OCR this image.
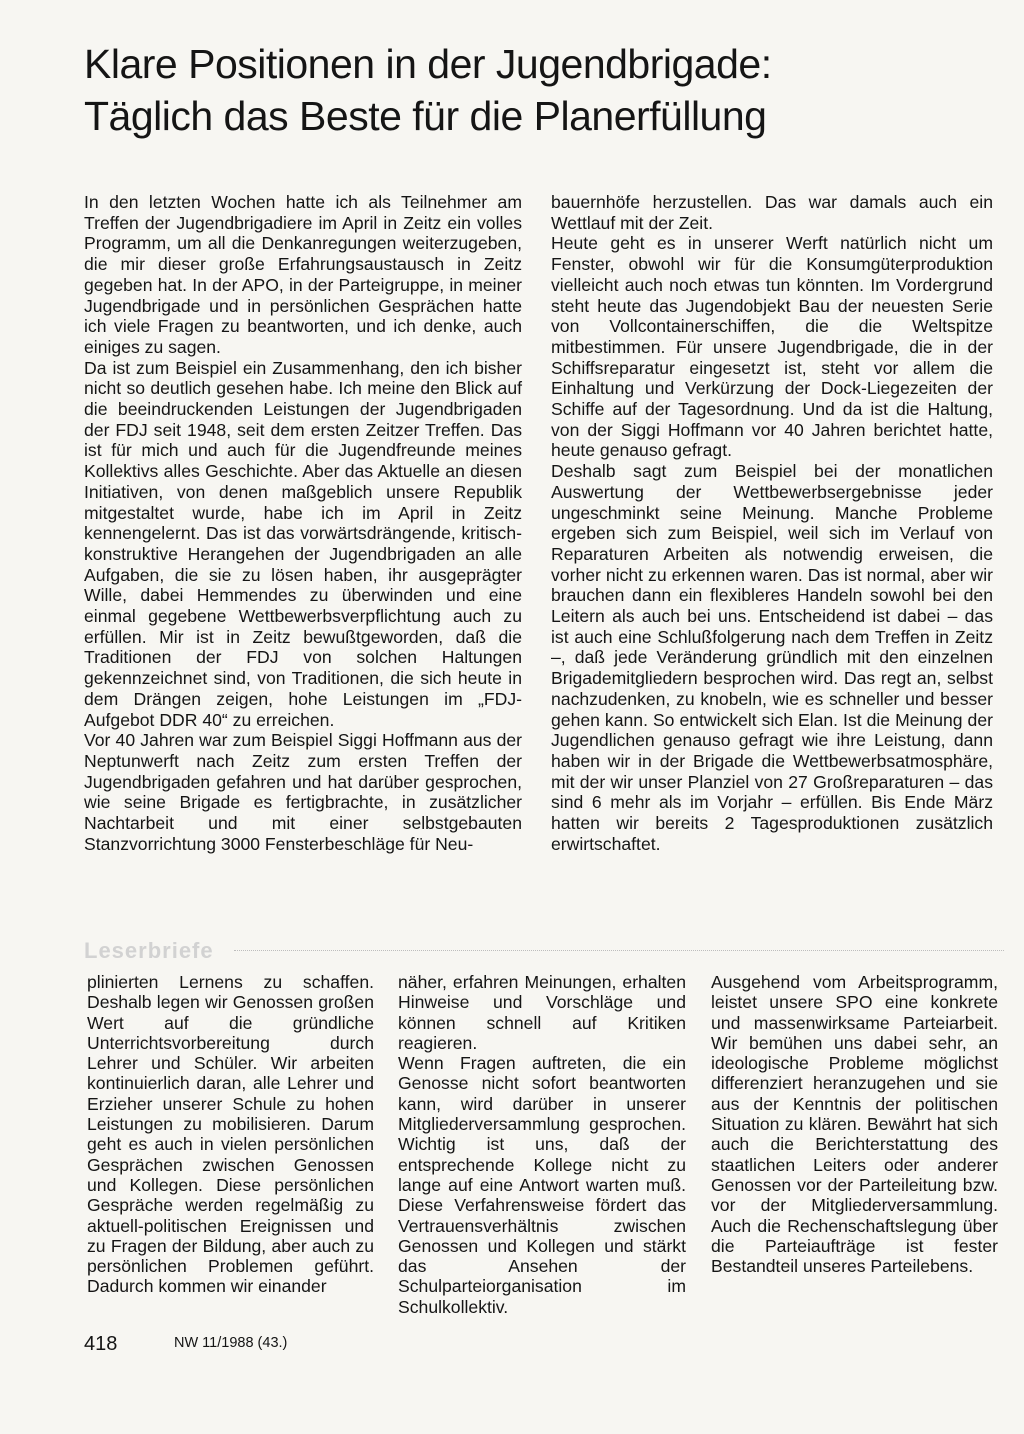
Klare Positionen in der Jugendbrigade:
Täglich das Beste für die Planerfüllung

In den letzten Wochen hatte ich als Teilnehmer am Treffen der Jugendbrigadiere im April in Zeitz ein volles Programm, um all die Denkanregungen weiterzugeben, die mir dieser große Erfahrungsaustausch in Zeitz gegeben hat. In der APO, in der Parteigruppe, in meiner Jugendbrigade und in persönlichen Gesprächen hatte ich viele Fragen zu beantworten, und ich denke, auch einiges zu sagen.

Da ist zum Beispiel ein Zusammenhang, den ich bisher nicht so deutlich gesehen habe. Ich meine den Blick auf die beeindruckenden Leistungen der Jugendbrigaden der FDJ seit 1948, seit dem ersten Zeitzer Treffen. Das ist für mich und auch für die Jugendfreunde meines Kollektivs alles Geschichte. Aber das Aktuelle an diesen Initiativen, von denen maßgeblich unsere Republik mitgestaltet wurde, habe ich im April in Zeitz kennengelernt. Das ist das vorwärtsdrängende, kritisch-konstruktive Herangehen der Jugendbrigaden an alle Aufgaben, die sie zu lösen haben, ihr ausgeprägter Wille, dabei Hemmendes zu überwinden und eine einmal gegebene Wettbewerbsverpflichtung auch zu erfüllen. Mir ist in Zeitz bewußtgeworden, daß die Traditionen der FDJ von solchen Haltungen gekennzeichnet sind, von Traditionen, die sich heute in dem Drängen zeigen, hohe Leistungen im „FDJ-Aufgebot DDR 40“ zu erreichen.

Vor 40 Jahren war zum Beispiel Siggi Hoffmann aus der Neptunwerft nach Zeitz zum ersten Treffen der Jugendbrigaden gefahren und hat darüber gesprochen, wie seine Brigade es fertigbrachte, in zusätzlicher Nachtarbeit und mit einer selbstgebauten Stanzvorrichtung 3000 Fensterbeschläge für Neu-

bauernhöfe herzustellen. Das war damals auch ein Wettlauf mit der Zeit.

Heute geht es in unserer Werft natürlich nicht um Fenster, obwohl wir für die Konsumgüterproduktion vielleicht auch noch etwas tun könnten. Im Vordergrund steht heute das Jugendobjekt Bau der neuesten Serie von Vollcontainerschiffen, die die Weltspitze mitbestimmen. Für unsere Jugendbrigade, die in der Schiffsreparatur eingesetzt ist, steht vor allem die Einhaltung und Verkürzung der Dock-Liegezeiten der Schiffe auf der Tagesordnung. Und da ist die Haltung, von der Siggi Hoffmann vor 40 Jahren berichtet hatte, heute genauso gefragt.

Deshalb sagt zum Beispiel bei der monatlichen Auswertung der Wettbewerbsergebnisse jeder ungeschminkt seine Meinung. Manche Probleme ergeben sich zum Beispiel, weil sich im Verlauf von Reparaturen Arbeiten als notwendig erweisen, die vorher nicht zu erkennen waren. Das ist normal, aber wir brauchen dann ein flexibleres Handeln sowohl bei den Leitern als auch bei uns. Entscheidend ist dabei – das ist auch eine Schlußfolgerung nach dem Treffen in Zeitz –, daß jede Veränderung gründlich mit den einzelnen Brigademitgliedern besprochen wird. Das regt an, selbst nachzudenken, zu knobeln, wie es schneller und besser gehen kann. So entwickelt sich Elan. Ist die Meinung der Jugendlichen genauso gefragt wie ihre Leistung, dann haben wir in der Brigade die Wettbewerbsatmosphäre, mit der wir unser Planziel von 27 Großreparaturen – das sind 6 mehr als im Vorjahr – erfüllen. Bis Ende März hatten wir bereits 2 Tagesproduktionen zusätzlich erwirtschaftet.

Leserbriefe

plinierten Lernens zu schaffen. Deshalb legen wir Genossen großen Wert auf die gründliche Unterrichtsvorbereitung durch Lehrer und Schüler. Wir arbeiten kontinuierlich daran, alle Lehrer und Erzieher unserer Schule zu hohen Leistungen zu mobilisieren. Darum geht es auch in vielen persönlichen Gesprächen zwischen Genossen und Kollegen. Diese persönlichen Gespräche werden regelmäßig zu aktuell-politischen Ereignissen und zu Fragen der Bildung, aber auch zu persönlichen Problemen geführt. Dadurch kommen wir einander

näher, erfahren Meinungen, erhalten Hinweise und Vorschläge und können schnell auf Kritiken reagieren.

Wenn Fragen auftreten, die ein Genosse nicht sofort beantworten kann, wird darüber in unserer Mitgliederversammlung gesprochen. Wichtig ist uns, daß der entsprechende Kollege nicht zu lange auf eine Antwort warten muß. Diese Verfahrensweise fördert das Vertrauensverhältnis zwischen Genossen und Kollegen und stärkt das Ansehen der Schulparteiorganisation im Schulkollektiv.

Ausgehend vom Arbeitsprogramm, leistet unsere SPO eine konkrete und massenwirksame Parteiarbeit. Wir bemühen uns dabei sehr, an ideologische Probleme möglichst differenziert heranzugehen und sie aus der Kenntnis der politischen Situation zu klären. Bewährt hat sich auch die Berichterstattung des staatlichen Leiters oder anderer Genossen vor der Parteileitung bzw. vor der Mitgliederversammlung. Auch die Rechenschaftslegung über die Parteiaufträge ist fester Bestandteil unseres Parteilebens.

418	NW 11/1988 (43.)
